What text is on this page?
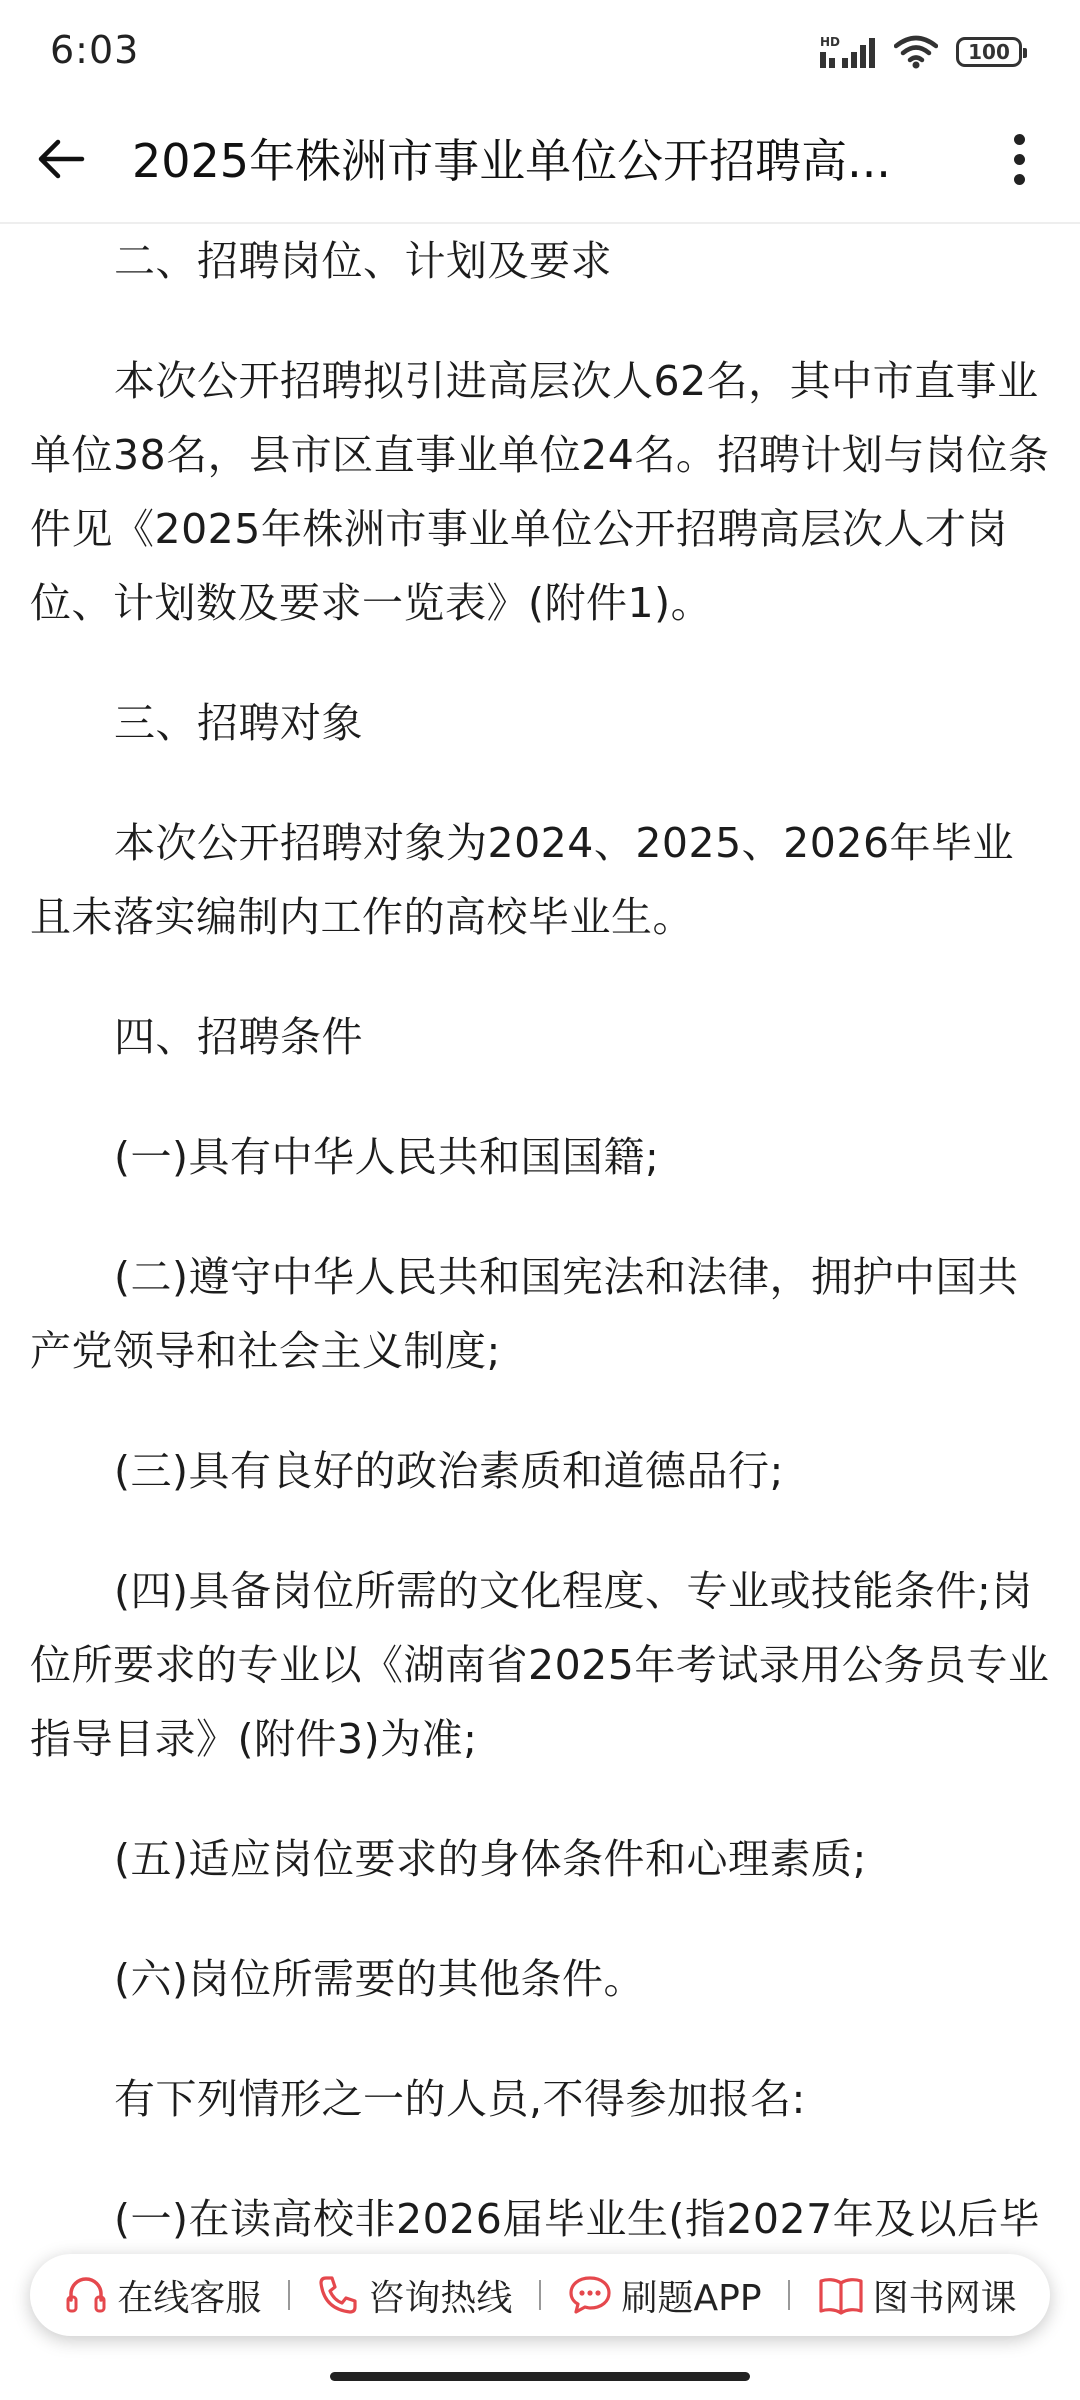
6:03	HD	100
2025年株洲市事业单位公开招聘高...

二、招聘岗位、计划及要求

本次公开招聘拟引进高层次人62名，其中市直事业单位38名，县市区直事业单位24名。招聘计划与岗位条件见《2025年株洲市事业单位公开招聘高层次人才岗位、计划数及要求一览表》(附件1)。

三、招聘对象

本次公开招聘对象为2024、2025、2026年毕业且未落实编制内工作的高校毕业生。

四、招聘条件

(一)具有中华人民共和国国籍;

(二)遵守中华人民共和国宪法和法律，拥护中国共产党领导和社会主义制度;

(三)具有良好的政治素质和道德品行;

(四)具备岗位所需的文化程度、专业或技能条件;岗位所要求的专业以《湖南省2025年考试录用公务员专业指导目录》(附件3)为准;

(五)适应岗位要求的身体条件和心理素质;

(六)岗位所需要的其他条件。

有下列情形之一的人员,不得参加报名:

(一)在读高校非2026届毕业生(指2027年及以后毕

在线客服	咨询热线	刷题APP	图书网课
